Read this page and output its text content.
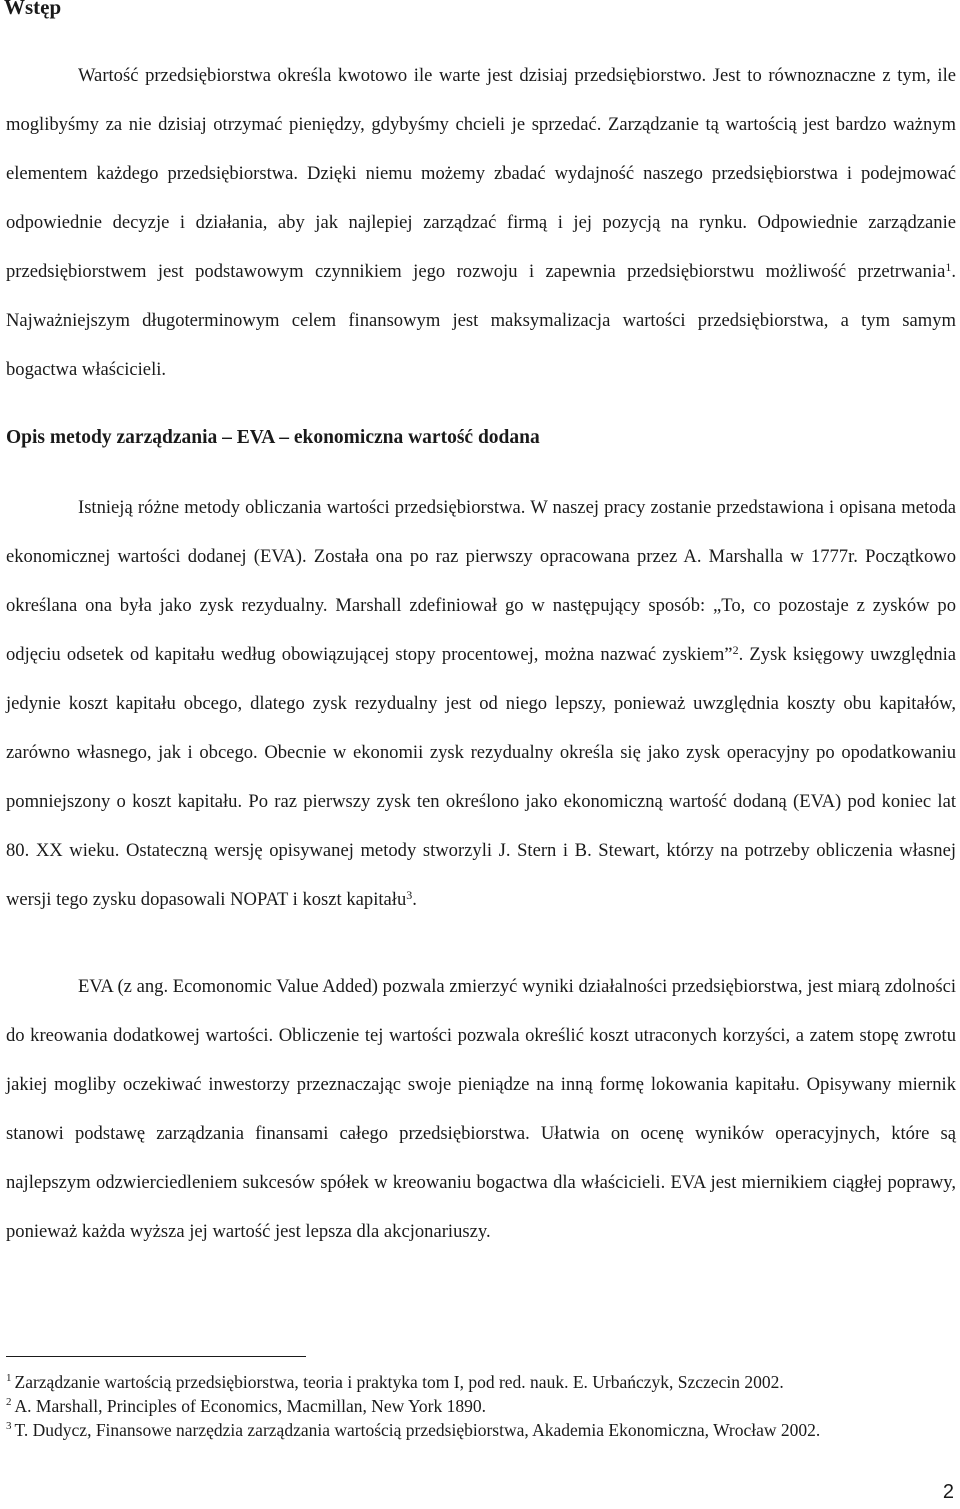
Wstęp

Wartość przedsiębiorstwa określa kwotowo ile warte jest dzisiaj przedsiębiorstwo. Jest to równoznaczne z tym, ile moglibyśmy za nie dzisiaj otrzymać pieniędzy, gdybyśmy chcieli je sprzedać. Zarządzanie tą wartością jest bardzo ważnym elementem każdego przedsiębiorstwa. Dzięki niemu możemy zbadać wydajność naszego przedsiębiorstwa i podejmować odpowiednie decyzje i działania, aby jak najlepiej zarządzać firmą i jej pozycją na rynku. Odpowiednie zarządzanie przedsiębiorstwem jest podstawowym czynnikiem jego rozwoju i zapewnia przedsiębiorstwu możliwość przetrwania$^1$. Najważniejszym długoterminowym celem finansowym jest maksymalizacja wartości przedsiębiorstwa, a tym samym bogactwa właścicieli.

Opis metody zarządzania – EVA – ekonomiczna wartość dodana

Istnieją różne metody obliczania wartości przedsiębiorstwa. W naszej pracy zostanie przedstawiona i opisana metoda ekonomicznej wartości dodanej (EVA). Została ona po raz pierwszy opracowana przez A. Marshalla w 1777r. Początkowo określana ona była jako zysk rezydualny. Marshall zdefiniował go w następujący sposób: „To, co pozostaje z zysków po odjęciu odsetek od kapitału według obowiązującej stopy procentowej, można nazwać zyskiem”$^2$. Zysk księgowy uwzględnia jedynie koszt kapitału obcego, dlatego zysk rezydualny jest od niego lepszy, ponieważ uwzględnia koszty obu kapitałów, zarówno własnego, jak i obcego. Obecnie w ekonomii zysk rezydualny określa się jako zysk operacyjny po opodatkowaniu pomniejszony o koszt kapitału. Po raz pierwszy zysk ten określono jako ekonomiczną wartość dodaną (EVA) pod koniec lat 80. XX wieku. Ostateczną wersję opisywanej metody stworzyli J. Stern i B. Stewart, którzy na potrzeby obliczenia własnej wersji tego zysku dopasowali NOPAT i koszt kapitału$^3$.

EVA (z ang. Ecomonomic Value Added) pozwala zmierzyć wyniki działalności przedsiębiorstwa, jest miarą zdolności do kreowania dodatkowej wartości. Obliczenie tej wartości pozwala określić koszt utraconych korzyści, a zatem stopę zwrotu jakiej mogliby oczekiwać inwestorzy przeznaczając swoje pieniądze na inną formę lokowania kapitału. Opisywany miernik stanowi podstawę zarządzania finansami całego przedsiębiorstwa. Ułatwia on ocenę wyników operacyjnych, które są najlepszym odzwierciedleniem sukcesów spółek w kreowaniu bogactwa dla właścicieli. EVA jest miernikiem ciągłej poprawy, ponieważ każda wyższa jej wartość jest lepsza dla akcjonariuszy.

$^1$ Zarządzanie wartością przedsiębiorstwa, teoria i praktyka tom I, pod red. nauk. E. Urbańczyk, Szczecin 2002.
$^2$ A. Marshall, Principles of Economics, Macmillan, New York 1890.
$^3$ T. Dudycz, Finansowe narzędzia zarządzania wartością przedsiębiorstwa, Akademia Ekonomiczna, Wrocław 2002.
2
